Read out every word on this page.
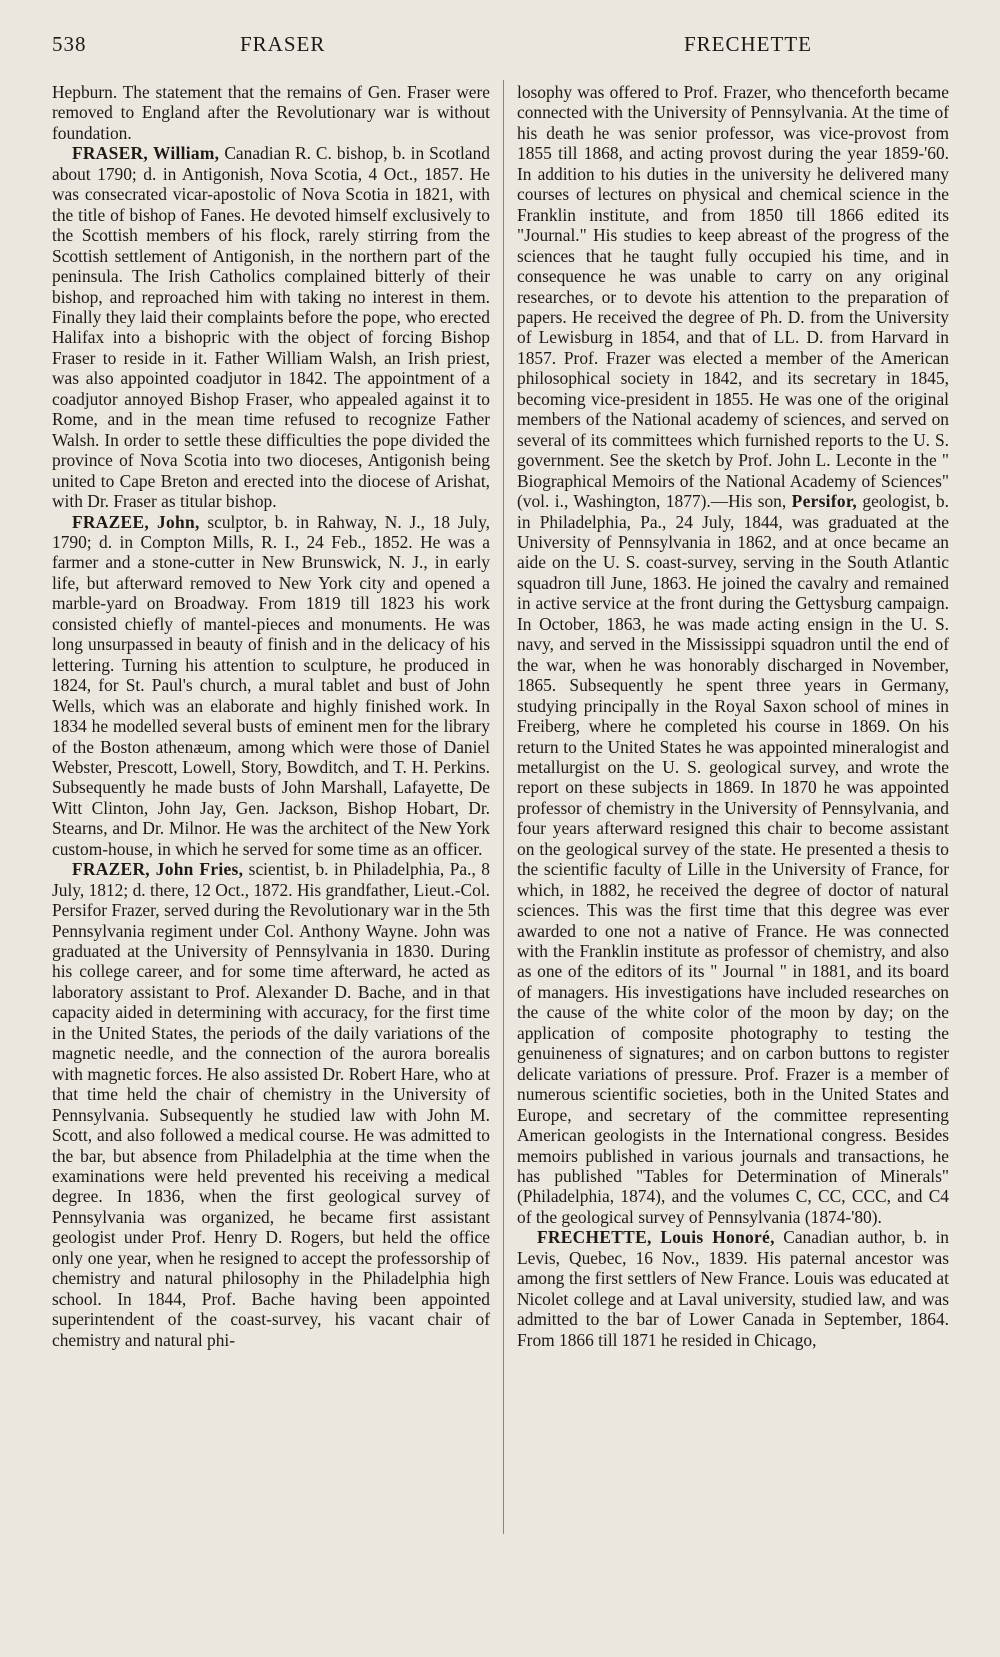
538	FRASER	FRECHETTE

Hepburn. The statement that the remains of Gen. Fraser were removed to England after the Revolutionary war is without foundation.

FRASER, William, Canadian R. C. bishop, b. in Scotland about 1790; d. in Antigonish, Nova Scotia, 4 Oct., 1857. He was consecrated vicar-apostolic of Nova Scotia in 1821, with the title of bishop of Fanes. He devoted himself exclusively to the Scottish members of his flock, rarely stirring from the Scottish settlement of Antigonish, in the northern part of the peninsula. The Irish Catholics complained bitterly of their bishop, and reproached him with taking no interest in them. Finally they laid their complaints before the pope, who erected Halifax into a bishopric with the object of forcing Bishop Fraser to reside in it. Father William Walsh, an Irish priest, was also appointed coadjutor in 1842. The appointment of a coadjutor annoyed Bishop Fraser, who appealed against it to Rome, and in the mean time refused to recognize Father Walsh. In order to settle these difficulties the pope divided the province of Nova Scotia into two dioceses, Antigonish being united to Cape Breton and erected into the diocese of Arishat, with Dr. Fraser as titular bishop.

FRAZEE, John, sculptor, b. in Rahway, N. J., 18 July, 1790; d. in Compton Mills, R. I., 24 Feb., 1852. He was a farmer and a stone-cutter in New Brunswick, N. J., in early life, but afterward removed to New York city and opened a marble-yard on Broadway. From 1819 till 1823 his work consisted chiefly of mantel-pieces and monuments. He was long unsurpassed in beauty of finish and in the delicacy of his lettering. Turning his attention to sculpture, he produced in 1824, for St. Paul's church, a mural tablet and bust of John Wells, which was an elaborate and highly finished work. In 1834 he modelled several busts of eminent men for the library of the Boston athenæum, among which were those of Daniel Webster, Prescott, Lowell, Story, Bowditch, and T. H. Perkins. Subsequently he made busts of John Marshall, Lafayette, De Witt Clinton, John Jay, Gen. Jackson, Bishop Hobart, Dr. Stearns, and Dr. Milnor. He was the architect of the New York custom-house, in which he served for some time as an officer.

FRAZER, John Fries, scientist, b. in Philadelphia, Pa., 8 July, 1812; d. there, 12 Oct., 1872. His grandfather, Lieut.-Col. Persifor Frazer, served during the Revolutionary war in the 5th Pennsylvania regiment under Col. Anthony Wayne. John was graduated at the University of Pennsylvania in 1830. During his college career, and for some time afterward, he acted as laboratory assistant to Prof. Alexander D. Bache, and in that capacity aided in determining with accuracy, for the first time in the United States, the periods of the daily variations of the magnetic needle, and the connection of the aurora borealis with magnetic forces. He also assisted Dr. Robert Hare, who at that time held the chair of chemistry in the University of Pennsylvania. Subsequently he studied law with John M. Scott, and also followed a medical course. He was admitted to the bar, but absence from Philadelphia at the time when the examinations were held prevented his receiving a medical degree. In 1836, when the first geological survey of Pennsylvania was organized, he became first assistant geologist under Prof. Henry D. Rogers, but held the office only one year, when he resigned to accept the professorship of chemistry and natural philosophy in the Philadelphia high school. In 1844, Prof. Bache having been appointed superintendent of the coast-survey, his vacant chair of chemistry and natural phi-

losophy was offered to Prof. Frazer, who thenceforth became connected with the University of Pennsylvania. At the time of his death he was senior professor, was vice-provost from 1855 till 1868, and acting provost during the year 1859-'60. In addition to his duties in the university he delivered many courses of lectures on physical and chemical science in the Franklin institute, and from 1850 till 1866 edited its "Journal." His studies to keep abreast of the progress of the sciences that he taught fully occupied his time, and in consequence he was unable to carry on any original researches, or to devote his attention to the preparation of papers. He received the degree of Ph. D. from the University of Lewisburg in 1854, and that of LL. D. from Harvard in 1857. Prof. Frazer was elected a member of the American philosophical society in 1842, and its secretary in 1845, becoming vice-president in 1855. He was one of the original members of the National academy of sciences, and served on several of its committees which furnished reports to the U. S. government. See the sketch by Prof. John L. Leconte in the " Biographical Memoirs of the National Academy of Sciences" (vol. i., Washington, 1877).—His son, Persifor, geologist, b. in Philadelphia, Pa., 24 July, 1844, was graduated at the University of Pennsylvania in 1862, and at once became an aide on the U. S. coast-survey, serving in the South Atlantic squadron till June, 1863. He joined the cavalry and remained in active service at the front during the Gettysburg campaign. In October, 1863, he was made acting ensign in the U. S. navy, and served in the Mississippi squadron until the end of the war, when he was honorably discharged in November, 1865. Subsequently he spent three years in Germany, studying principally in the Royal Saxon school of mines in Freiberg, where he completed his course in 1869. On his return to the United States he was appointed mineralogist and metallurgist on the U. S. geological survey, and wrote the report on these subjects in 1869. In 1870 he was appointed professor of chemistry in the University of Pennsylvania, and four years afterward resigned this chair to become assistant on the geological survey of the state. He presented a thesis to the scientific faculty of Lille in the University of France, for which, in 1882, he received the degree of doctor of natural sciences. This was the first time that this degree was ever awarded to one not a native of France. He was connected with the Franklin institute as professor of chemistry, and also as one of the editors of its " Journal " in 1881, and its board of managers. His investigations have included researches on the cause of the white color of the moon by day; on the application of composite photography to testing the genuineness of signatures; and on carbon buttons to register delicate variations of pressure. Prof. Frazer is a member of numerous scientific societies, both in the United States and Europe, and secretary of the committee representing American geologists in the International congress. Besides memoirs published in various journals and transactions, he has published "Tables for Determination of Minerals" (Philadelphia, 1874), and the volumes C, CC, CCC, and C4 of the geological survey of Pennsylvania (1874-'80).

FRECHETTE, Louis Honoré, Canadian author, b. in Levis, Quebec, 16 Nov., 1839. His paternal ancestor was among the first settlers of New France. Louis was educated at Nicolet college and at Laval university, studied law, and was admitted to the bar of Lower Canada in September, 1864. From 1866 till 1871 he resided in Chicago,
